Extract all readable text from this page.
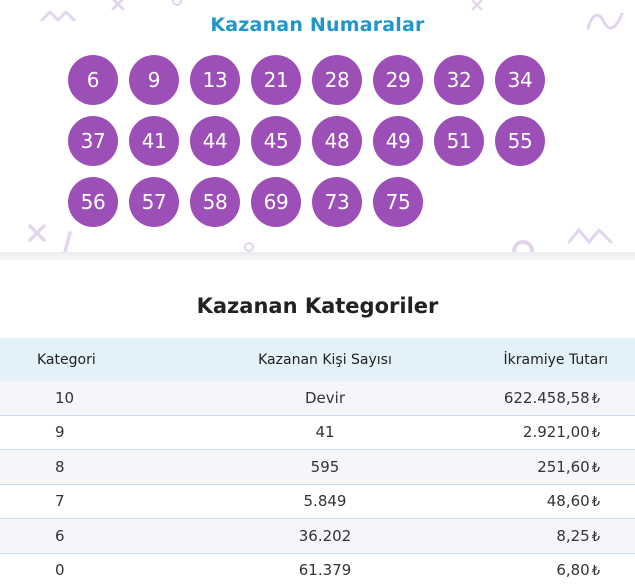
Kazanan Numaralar
6	9	13	21	28	29	32	34
37	41	44	45	48	49	51	55
56	57	58	69	73	75
Kazanan Kategoriler
Kategori	Kazanan Kişi Sayısı	İkramiye Tutarı
10	Devir	622.458,58 ₺
9	41	2.921,00 ₺
8	595	251,60 ₺
7	5.849	48,60 ₺
6	36.202	8,25 ₺
0	61.379	6,80 ₺
